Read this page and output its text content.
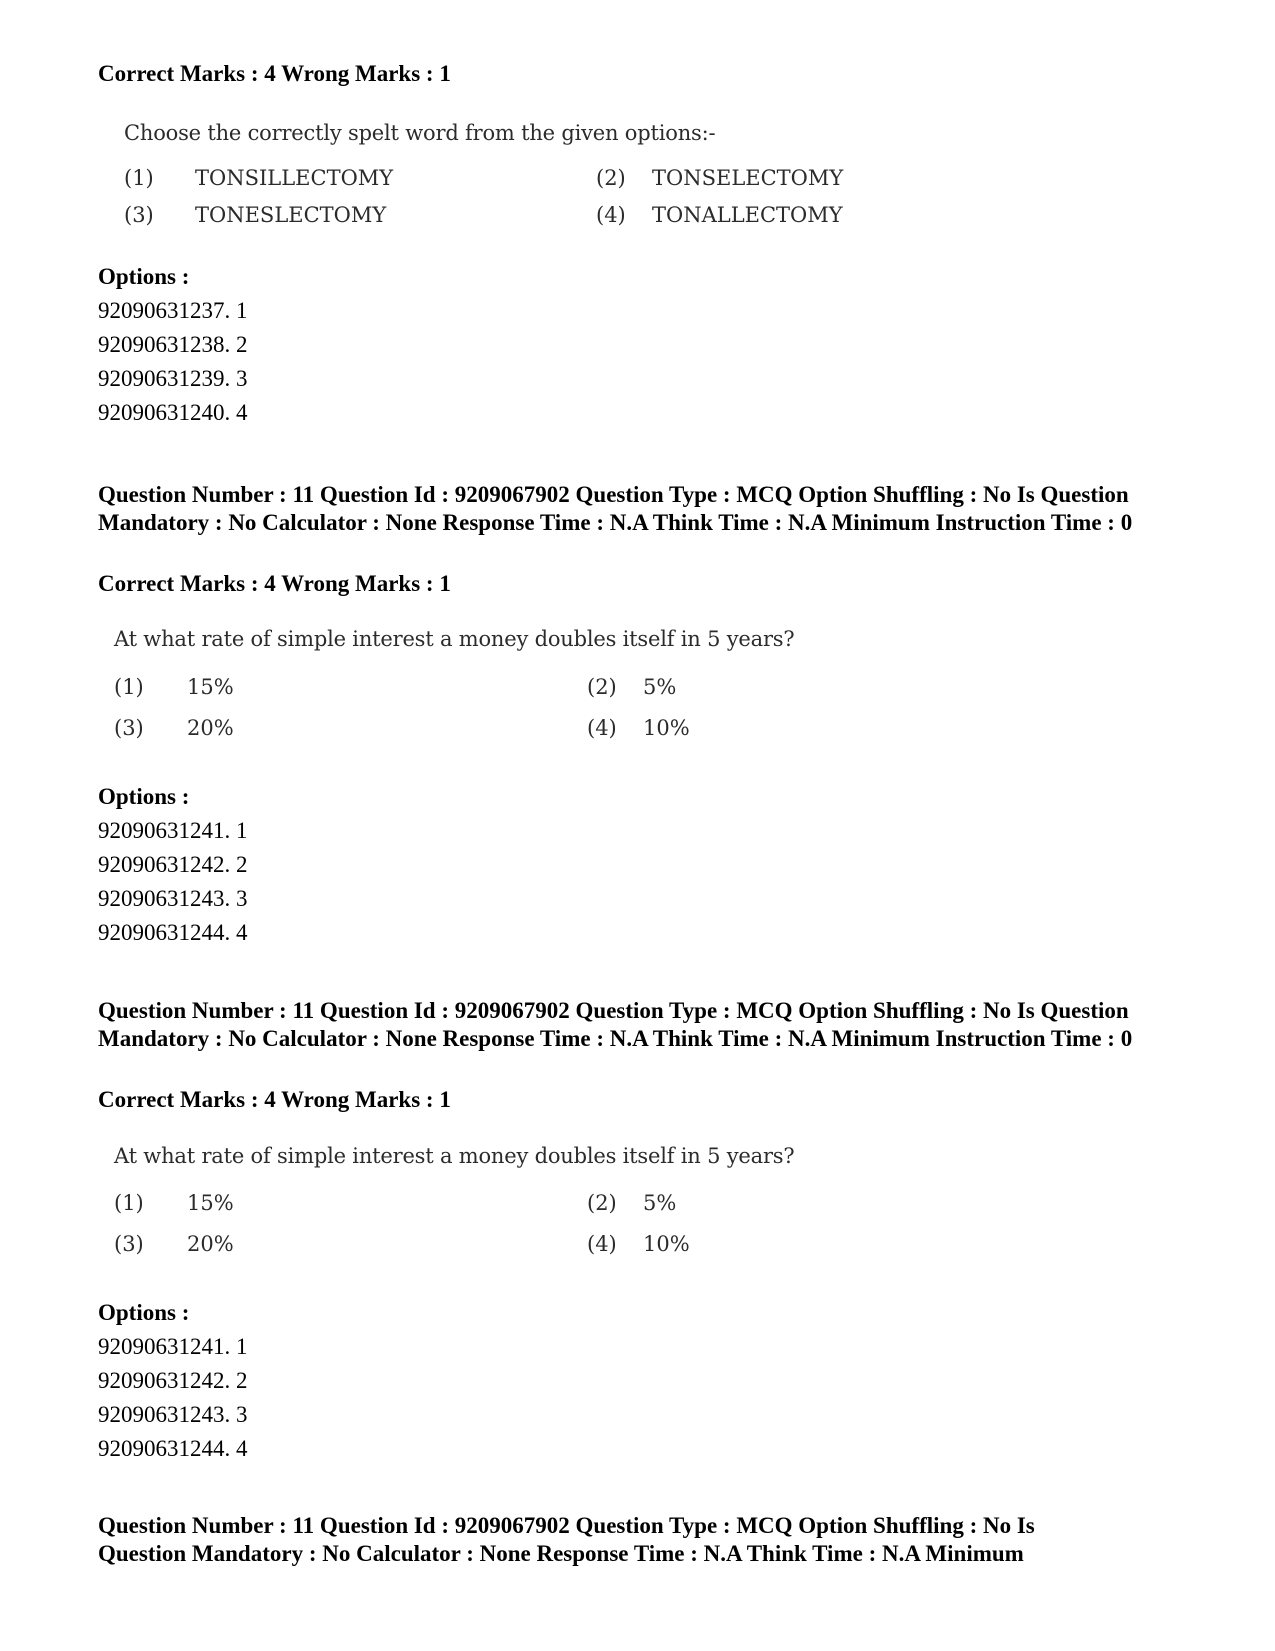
Correct Marks : 4 Wrong Marks : 1
Choose the correctly spelt word from the given options:-
(1) TONSILLECTOMY	(2) TONSELECTOMY
(3) TONESLECTOMY	(4) TONALLECTOMY
Options :
92090631237. 1
92090631238. 2
92090631239. 3
92090631240. 4
Question Number : 11 Question Id : 9209067902 Question Type : MCQ Option Shuffling : No Is Question Mandatory : No Calculator : None Response Time : N.A Think Time : N.A Minimum Instruction Time : 0
Correct Marks : 4 Wrong Marks : 1
At what rate of simple interest a money doubles itself in 5 years?
(1) 15%	(2) 5%
(3) 20%	(4) 10%
Options :
92090631241. 1
92090631242. 2
92090631243. 3
92090631244. 4
Question Number : 11 Question Id : 9209067902 Question Type : MCQ Option Shuffling : No Is Question Mandatory : No Calculator : None Response Time : N.A Think Time : N.A Minimum Instruction Time : 0
Correct Marks : 4 Wrong Marks : 1
At what rate of simple interest a money doubles itself in 5 years?
(1) 15%	(2) 5%
(3) 20%	(4) 10%
Options :
92090631241. 1
92090631242. 2
92090631243. 3
92090631244. 4
Question Number : 11 Question Id : 9209067902 Question Type : MCQ Option Shuffling : No Is
Question Mandatory : No Calculator : None Response Time : N.A Think Time : N.A Minimum
